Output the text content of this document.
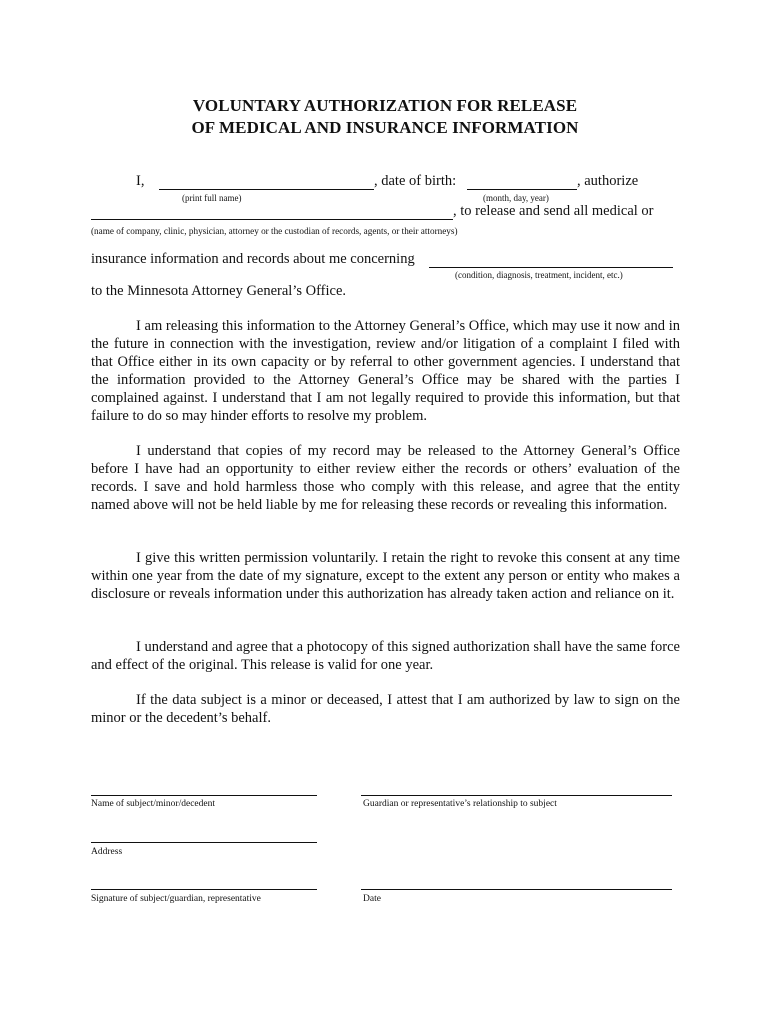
VOLUNTARY AUTHORIZATION FOR RELEASE
OF MEDICAL AND INSURANCE INFORMATION
I,	, date of birth:	, authorize
(print full name)	(month, day, year)
, to release and send all medical or
(name of company, clinic, physician, attorney or the custodian of records, agents, or their attorneys)
insurance information and records about me concerning
(condition, diagnosis, treatment, incident, etc.)
to the Minnesota Attorney General’s Office.
I am releasing this information to the Attorney General’s Office, which may use it now and in the future in connection with the investigation, review and/or litigation of a complaint I filed with that Office either in its own capacity or by referral to other government agencies. I understand that the information provided to the Attorney General’s Office may be shared with the parties I complained against. I understand that I am not legally required to provide this information, but that failure to do so may hinder efforts to resolve my problem.
I understand that copies of my record may be released to the Attorney General’s Office before I have had an opportunity to either review either the records or others’ evaluation of the records. I save and hold harmless those who comply with this release, and agree that the entity named above will not be held liable by me for releasing these records or revealing this information.
I give this written permission voluntarily. I retain the right to revoke this consent at any time within one year from the date of my signature, except to the extent any person or entity who makes a disclosure or reveals information under this authorization has already taken action and reliance on it.
I understand and agree that a photocopy of this signed authorization shall have the same force and effect of the original. This release is valid for one year.
If the data subject is a minor or deceased, I attest that I am authorized by law to sign on the minor or the decedent’s behalf.
Name of subject/minor/decedent	Guardian or representative’s relationship to subject
Address
Signature of subject/guardian, representative	Date
